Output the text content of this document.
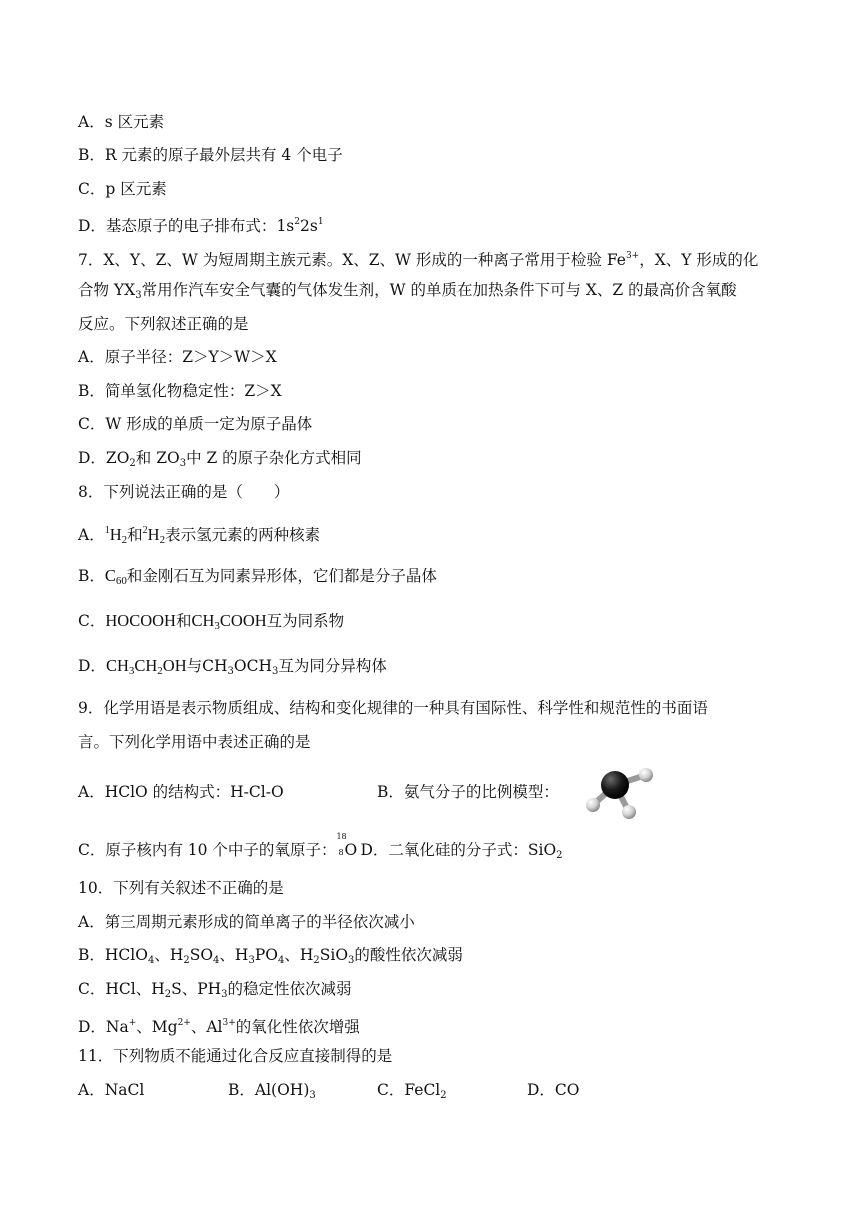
A．s 区元素
B．R 元素的原子最外层共有 4 个电子
C．p 区元素
D．基态原子的电子排布式：$1s^22s^1$
7．X、Y、Z、W 为短周期主族元素。X、Z、W 形成的一种离子常用于检验 $Fe^{3+}$，X、Y 形成的化
合物 $YX_3$常用作汽车安全气囊的气体发生剂，W 的单质在加热条件下可与 X、Z 的最高价含氧酸
反应。下列叙述正确的是
A．原子半径：Z＞Y＞W＞X
B．简单氢化物稳定性：Z＞X
C．W 形成的单质一定为原子晶体
D．$ZO_2$和 $ZO_3$中 Z 的原子杂化方式相同
8．下列说法正确的是（　　）
A．$^1H_2$和$^2H_2$表示氢元素的两种核素
B．$C_{60}$和金刚石互为同素异形体，它们都是分子晶体
C．HOCOOH和$CH_3COOH$互为同系物
D．$CH_3CH_2OH$与$CH_3OCH_3$互为同分异构体
9．化学用语是表示物质组成、结构和变化规律的一种具有国际性、科学性和规范性的书面语
言。下列化学用语中表述正确的是
A．HClO 的结构式：H-Cl-O	B．氨气分子的比例模型：
C．原子核内有 10 个中子的氧原子：
18
8 O D．二氧化硅的分子式：SiO$_2$
10．下列有关叙述不正确的是
A．第三周期元素形成的简单离子的半径依次减小
B．HClO$_4$、$H_2SO_4$、$H_3PO_4$、$H_2SiO_3$的酸性依次减弱
C．HCl、$H_2S$、$PH_3$的稳定性依次减弱
D．Na+、$Mg^{2+}$、$Al^{3+}$的氧化性依次增强
11．下列物质不能通过化合反应直接制得的是
A．NaCl	B．$Al(OH)_3$	C．FeCl$_2$	D．CO
